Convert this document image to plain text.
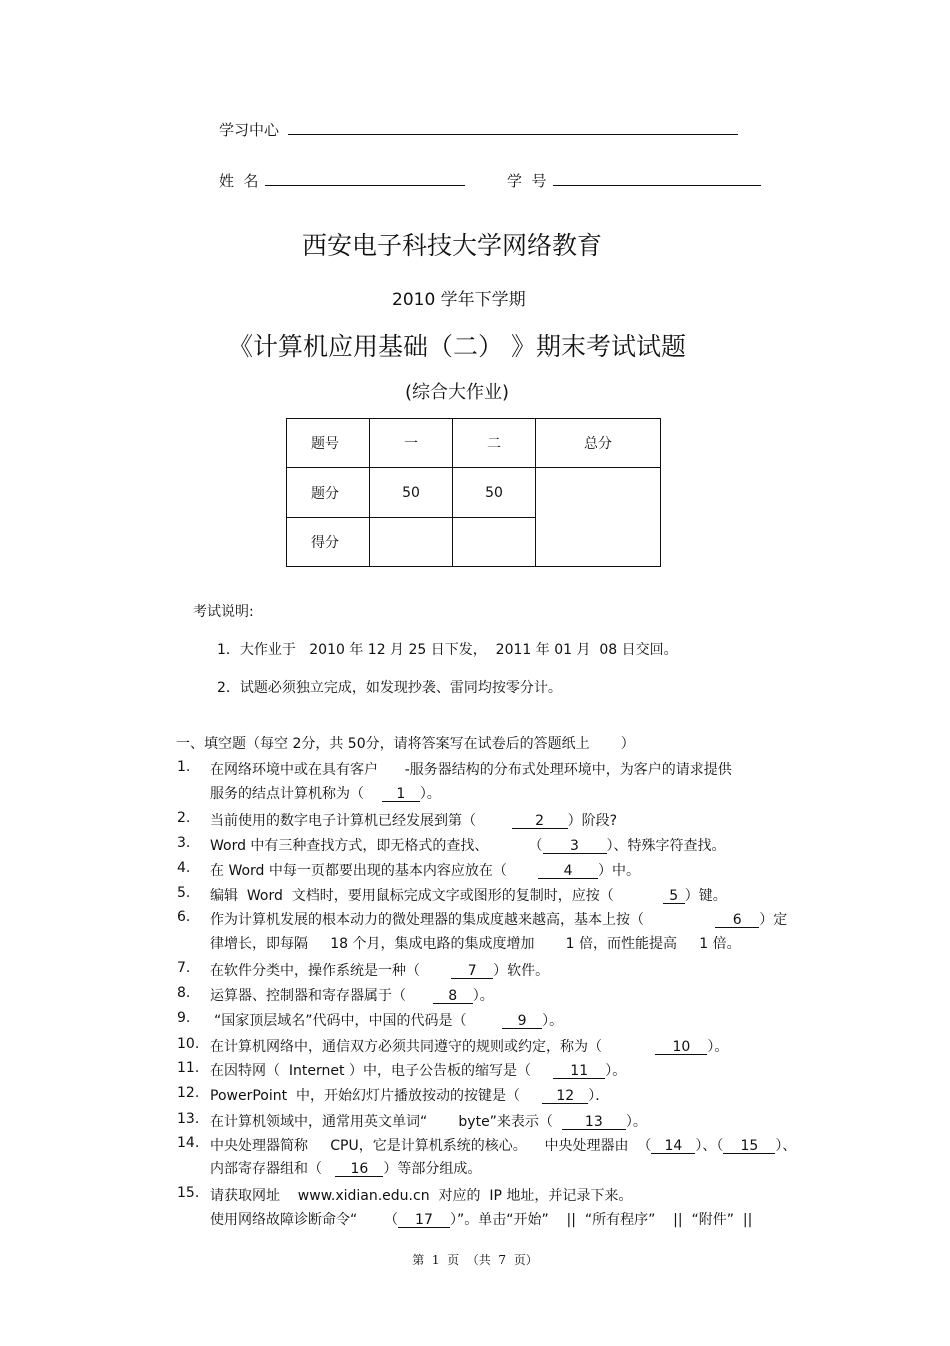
学习中心
姓  名	学  号
西安电子科技大学网络教育
2010 学年下学期
《计算机应用基础（二） 》期末考试试题
(综合大作业)
题号	一	二	总分
题分	50	50	
得分			
考试说明:
1．大作业于   2010 年 12 月 25 日下发，  2011 年 01 月  08 日交回。
2．试题必须独立完成，如发现抄袭、雷同均按零分计。
一、填空题（每空 2分，共 50分，请将答案写在试卷后的答题纸上       ）
1. 在网络环境中或在具有客户      -服务器结构的分布式处理环境中，为客户的请求提供
服务的结点计算机称为（ 1 ）。
2. 当前使用的数字电子计算机已经发展到第（	2 ）阶段?
3. Word 中有三种查找方式，即无格式的查找、         （ 3 ）、特殊字符查找。
4. 在 Word 中每一页都要出现的基本内容应放在（	4 ）中。
5. 编辑  Word  文档时，要用鼠标完成文字或图形的复制时，应按（	5 ）键。
6. 作为计算机发展的根本动力的微处理器的集成度越来越高，基本上按（	6 ）定
律增长，即每隔     18 个月，集成电路的集成度增加       1 倍，而性能提高     1 倍。
7. 在软件分类中，操作系统是一种（	7 ）软件。
8. 运算器、控制器和寄存器属于（	8 ）。
9. “国家顶层域名”代码中，中国的代码是（	9 ）。
10. 在计算机网络中，通信双方必须共同遵守的规则或约定，称为（	10 ）。
11. 在因特网（  Internet ）中，电子公告板的缩写是（	11 ）。
12. PowerPoint  中，开始幻灯片播放按动的按键是（	12 ）．
13. 在计算机领域中，通常用英文单词“       byte”来表示（ 13 ）。
14. 中央处理器简称     CPU，它是计算机系统的核心。    中央处理器由  （ 14 ）、（ 15 ）、
内部寄存器组和（ 16 ）等部分组成。
15. 请获取网址    www.xidian.edu.cn  对应的  IP 地址，并记录下来。
使用网络故障诊断命令“      （ 17 ）”。单击“开始”    ||  “所有程序”    ||  “附件”  ||
第  1  页  （共  7  页）
